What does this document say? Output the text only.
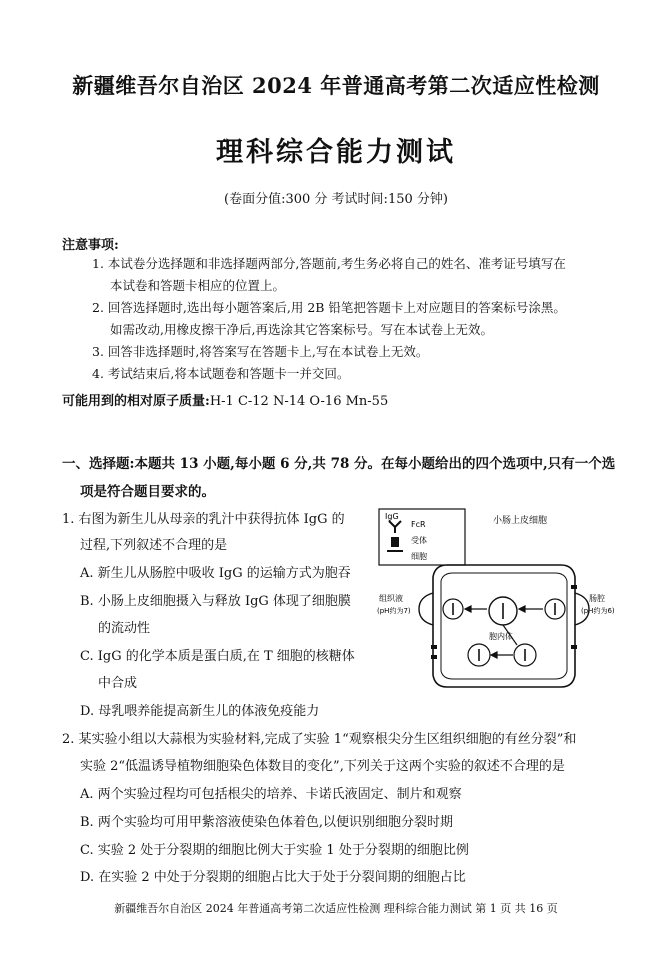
新疆维吾尔自治区 2024 年普通高考第二次适应性检测
理科综合能力测试
(卷面分值:300 分 考试时间:150 分钟)
注意事项:
1. 本试卷分选择题和非选择题两部分,答题前,考生务必将自己的姓名、准考证号填写在
本试卷和答题卡相应的位置上。
2. 回答选择题时,选出每小题答案后,用 2B 铅笔把答题卡上对应题目的答案标号涂黑。
如需改动,用橡皮擦干净后,再选涂其它答案标号。写在本试卷上无效。
3. 回答非选择题时,将答案写在答题卡上,写在本试卷上无效。
4. 考试结束后,将本试题卷和答题卡一并交回。
可能用到的相对原子质量:H-1 C-12 N-14 O-16 Mn-55
一、选择题:本题共 13 小题,每小题 6 分,共 78 分。在每小题给出的四个选项中,只有一个选
项是符合题目要求的。
1. 右图为新生儿从母亲的乳汁中获得抗体 IgG 的
过程,下列叙述不合理的是
A. 新生儿从肠腔中吸收 IgG 的运输方式为胞吞
B. 小肠上皮细胞摄入与释放 IgG 体现了细胞膜
的流动性
C. IgG 的化学本质是蛋白质,在 T 细胞的核糖体
中合成
D. 母乳喂养能提高新生儿的体液免疫能力
IgG
FcR
受体
细胞
小肠上皮细胞
组织液
(pH约为7)
肠腔
(pH约为6)
胞内体
2. 某实验小组以大蒜根为实验材料,完成了实验 1“观察根尖分生区组织细胞的有丝分裂”和
实验 2“低温诱导植物细胞染色体数目的变化”,下列关于这两个实验的叙述不合理的是
A. 两个实验过程均可包括根尖的培养、卡诺氏液固定、制片和观察
B. 两个实验均可用甲紫溶液使染色体着色,以便识别细胞分裂时期
C. 实验 2 处于分裂期的细胞比例大于实验 1 处于分裂期的细胞比例
D. 在实验 2 中处于分裂期的细胞占比大于处于分裂间期的细胞占比
新疆维吾尔自治区 2024 年普通高考第二次适应性检测 理科综合能力测试 第 1 页 共 16 页
